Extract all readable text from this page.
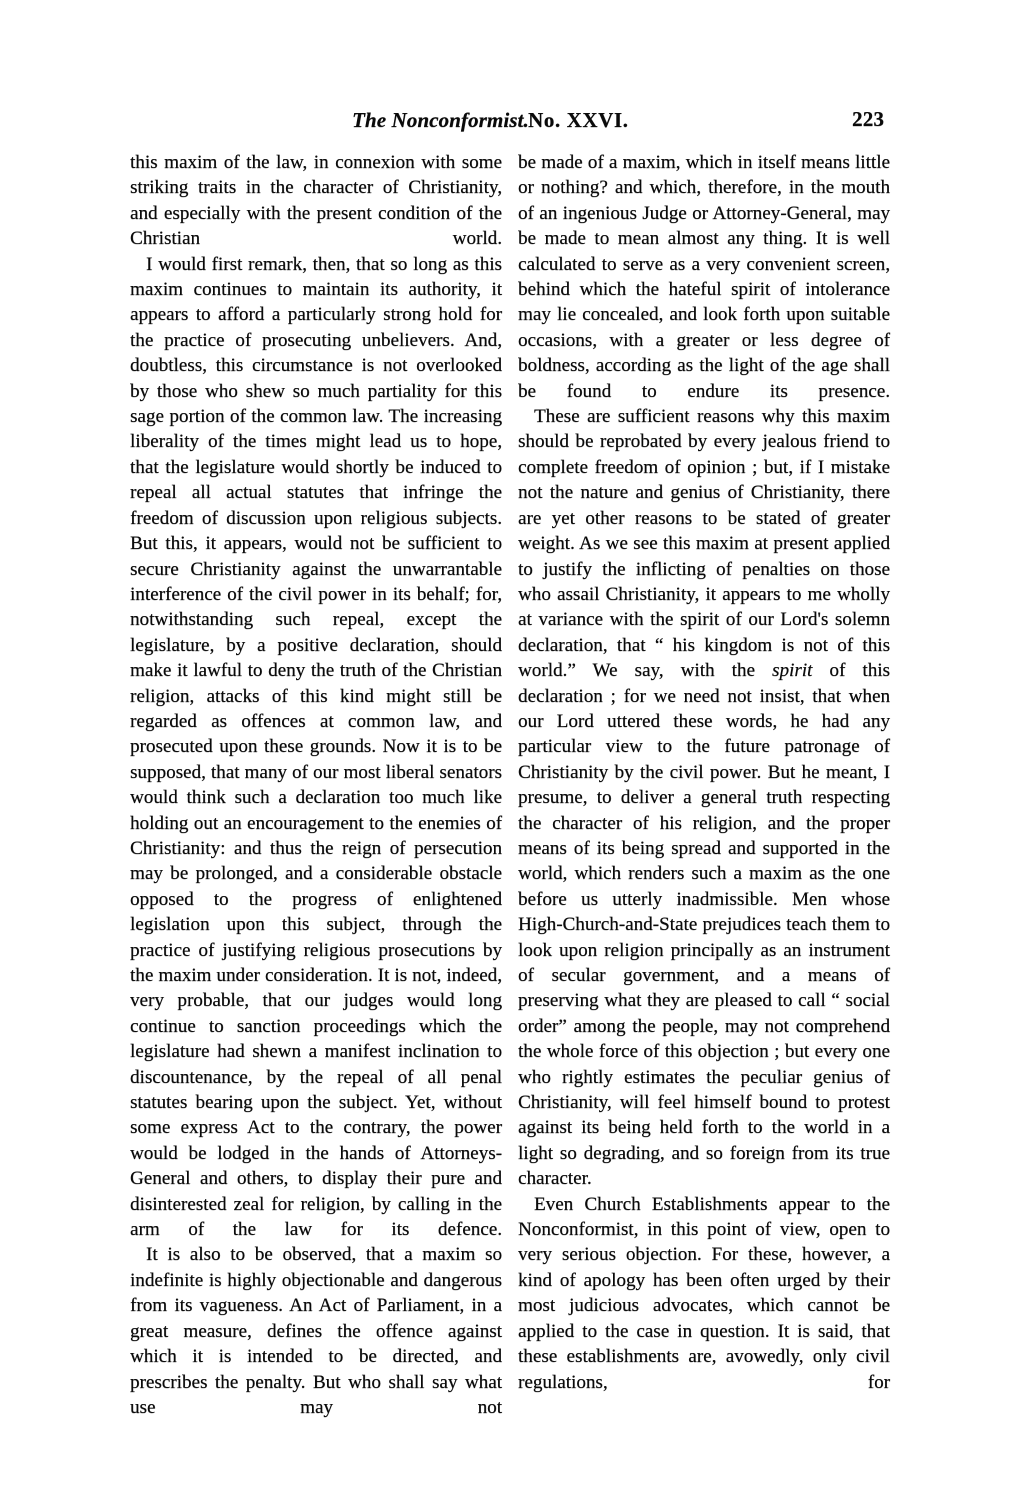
The Nonconformist. No. XXVI.	223

this maxim of the law, in connexion with some striking traits in the character of Christianity, and especially with the present condition of the Christian world.

I would first remark, then, that so long as this maxim continues to maintain its authority, it appears to afford a particularly strong hold for the practice of prosecuting unbelievers. And, doubtless, this circumstance is not overlooked by those who shew so much partiality for this sage portion of the common law. The increasing liberality of the times might lead us to hope, that the legislature would shortly be induced to repeal all actual statutes that infringe the freedom of discussion upon religious subjects. But this, it appears, would not be sufficient to secure Christianity against the unwarrantable interference of the civil power in its behalf; for, notwithstanding such repeal, except the legislature, by a positive declaration, should make it lawful to deny the truth of the Christian religion, attacks of this kind might still be regarded as offences at common law, and prosecuted upon these grounds. Now it is to be supposed, that many of our most liberal senators would think such a declaration too much like holding out an encouragement to the enemies of Christianity: and thus the reign of persecution may be prolonged, and a considerable obstacle opposed to the progress of enlightened legislation upon this subject, through the practice of justifying religious prosecutions by the maxim under consideration. It is not, indeed, very probable, that our judges would long continue to sanction proceedings which the legislature had shewn a manifest inclination to discountenance, by the repeal of all penal statutes bearing upon the subject. Yet, without some express Act to the contrary, the power would be lodged in the hands of Attorneys-General and others, to display their pure and disinterested zeal for religion, by calling in the arm of the law for its defence.

It is also to be observed, that a maxim so indefinite is highly objectionable and dangerous from its vagueness. An Act of Parliament, in a great measure, defines the offence against which it is intended to be directed, and prescribes the penalty. But who shall say what use may not

be made of a maxim, which in itself means little or nothing? and which, therefore, in the mouth of an ingenious Judge or Attorney-General, may be made to mean almost any thing. It is well calculated to serve as a very convenient screen, behind which the hateful spirit of intolerance may lie concealed, and look forth upon suitable occasions, with a greater or less degree of boldness, according as the light of the age shall be found to endure its presence.

These are sufficient reasons why this maxim should be reprobated by every jealous friend to complete freedom of opinion ; but, if I mistake not the nature and genius of Christianity, there are yet other reasons to be stated of greater weight. As we see this maxim at present applied to justify the inflicting of penalties on those who assail Christianity, it appears to me wholly at variance with the spirit of our Lord's solemn declaration, that “ his kingdom is not of this world.” We say, with the spirit of this declaration ; for we need not insist, that when our Lord uttered these words, he had any particular view to the future patronage of Christianity by the civil power. But he meant, I presume, to deliver a general truth respecting the character of his religion, and the proper means of its being spread and supported in the world, which renders such a maxim as the one before us utterly inadmissible. Men whose High-Church-and-State prejudices teach them to look upon religion principally as an instrument of secular government, and a means of preserving what they are pleased to call “ social order” among the people, may not comprehend the whole force of this objection ; but every one who rightly estimates the peculiar genius of Christianity, will feel himself bound to protest against its being held forth to the world in a light so degrading, and so foreign from its true character.

Even Church Establishments appear to the Nonconformist, in this point of view, open to very serious objection. For these, however, a kind of apology has been often urged by their most judicious advocates, which cannot be applied to the case in question. It is said, that these establishments are, avowedly, only civil regulations, for
